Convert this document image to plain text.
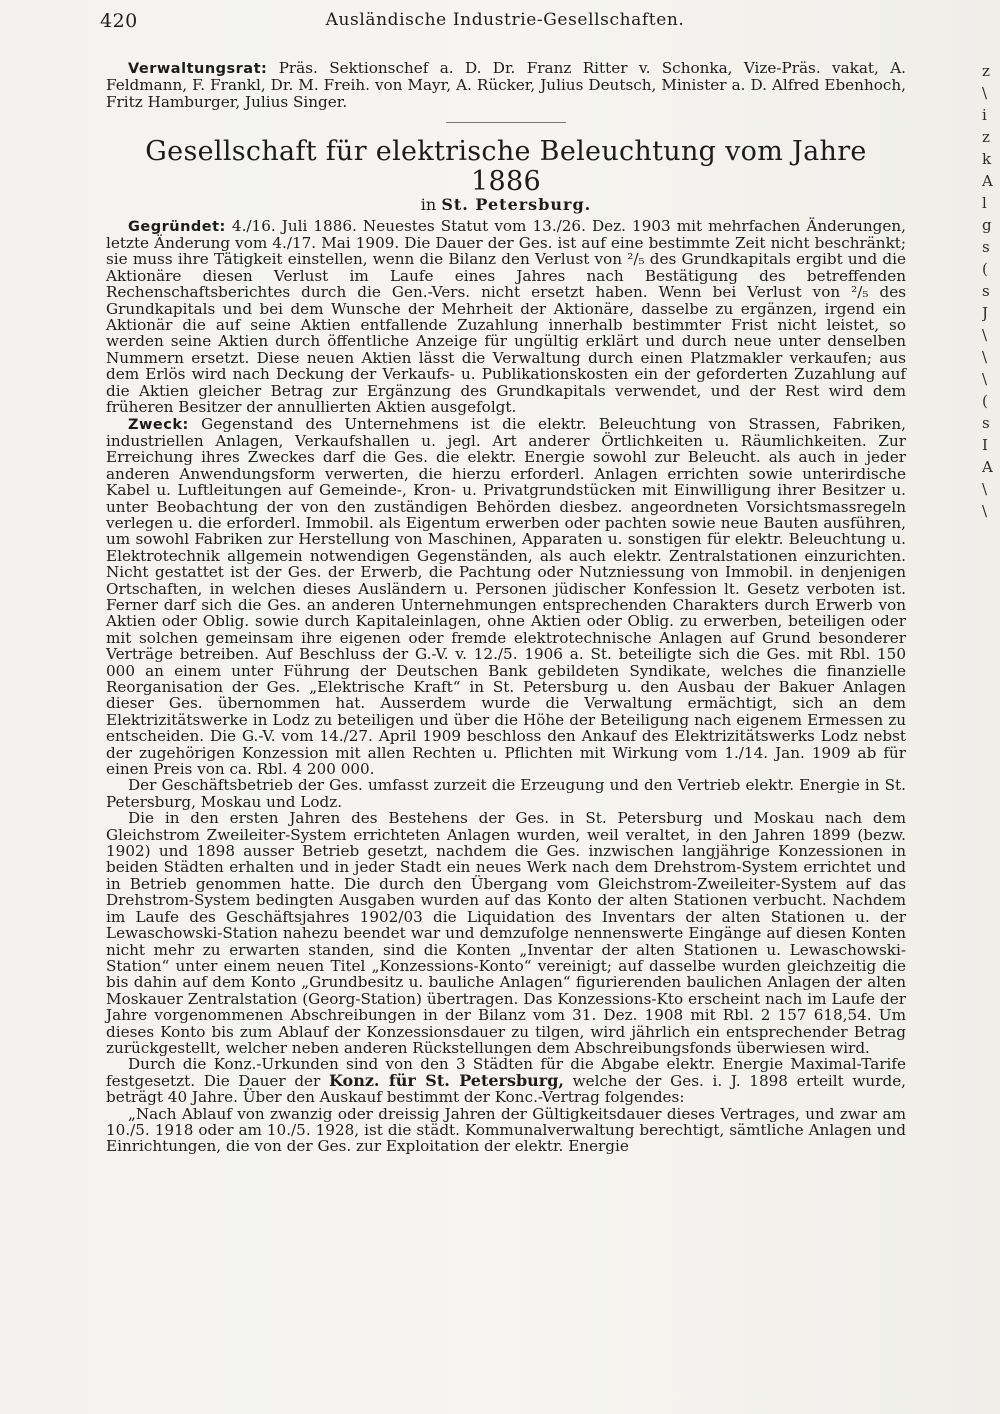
420	Ausländische Industrie-Gesellschaften.

Verwaltungsrat: Präs. Sektionschef a. D. Dr. Franz Ritter v. Schonka, Vize-Präs. vakat, A. Feldmann, F. Frankl, Dr. M. Freih. von Mayr, A. Rücker, Julius Deutsch, Minister a. D. Alfred Ebenhoch, Fritz Hamburger, Julius Singer.

Gesellschaft für elektrische Beleuchtung vom Jahre 1886

in St. Petersburg.

Gegründet: 4./16. Juli 1886. Neuestes Statut vom 13./26. Dez. 1903 mit mehrfachen Änderungen, letzte Änderung vom 4./17. Mai 1909. Die Dauer der Ges. ist auf eine bestimmte Zeit nicht beschränkt; sie muss ihre Tätigkeit einstellen, wenn die Bilanz den Verlust von ²/₅ des Grundkapitals ergibt und die Aktionäre diesen Verlust im Laufe eines Jahres nach Bestätigung des betreffenden Rechenschaftsberichtes durch die Gen.-Vers. nicht ersetzt haben. Wenn bei Verlust von ²/₅ des Grundkapitals und bei dem Wunsche der Mehrheit der Aktionäre, dasselbe zu ergänzen, irgend ein Aktionär die auf seine Aktien entfallende Zuzahlung innerhalb bestimmter Frist nicht leistet, so werden seine Aktien durch öffentliche Anzeige für ungültig erklärt und durch neue unter denselben Nummern ersetzt. Diese neuen Aktien lässt die Verwaltung durch einen Platzmakler verkaufen; aus dem Erlös wird nach Deckung der Verkaufs- u. Publikationskosten ein der geforderten Zuzahlung auf die Aktien gleicher Betrag zur Ergänzung des Grundkapitals verwendet, und der Rest wird dem früheren Besitzer der annullierten Aktien ausgefolgt.

Zweck: Gegenstand des Unternehmens ist die elektr. Beleuchtung von Strassen, Fabriken, industriellen Anlagen, Verkaufshallen u. jegl. Art anderer Örtlichkeiten u. Räumlichkeiten. Zur Erreichung ihres Zweckes darf die Ges. die elektr. Energie sowohl zur Beleucht. als auch in jeder anderen Anwendungsform verwerten, die hierzu erforderl. Anlagen errichten sowie unterirdische Kabel u. Luftleitungen auf Gemeinde-, Kron- u. Privatgrundstücken mit Einwilligung ihrer Besitzer u. unter Beobachtung der von den zuständigen Behörden diesbez. angeordneten Vorsichtsmassregeln verlegen u. die erforderl. Immobil. als Eigentum erwerben oder pachten sowie neue Bauten ausführen, um sowohl Fabriken zur Herstellung von Maschinen, Apparaten u. sonstigen für elektr. Beleuchtung u. Elektrotechnik allgemein notwendigen Gegenständen, als auch elektr. Zentralstationen einzurichten. Nicht gestattet ist der Ges. der Erwerb, die Pachtung oder Nutzniessung von Immobil. in denjenigen Ortschaften, in welchen dieses Ausländern u. Personen jüdischer Konfession lt. Gesetz verboten ist. Ferner darf sich die Ges. an anderen Unternehmungen entsprechenden Charakters durch Erwerb von Aktien oder Oblig. sowie durch Kapitaleinlagen, ohne Aktien oder Oblig. zu erwerben, beteiligen oder mit solchen gemeinsam ihre eigenen oder fremde elektrotechnische Anlagen auf Grund besonderer Verträge betreiben. Auf Beschluss der G.-V. v. 12./5. 1906 a. St. beteiligte sich die Ges. mit Rbl. 150 000 an einem unter Führung der Deutschen Bank gebildeten Syndikate, welches die finanzielle Reorganisation der Ges. „Elektrische Kraft“ in St. Petersburg u. den Ausbau der Bakuer Anlagen dieser Ges. übernommen hat. Ausserdem wurde die Verwaltung ermächtigt, sich an dem Elektrizitätswerke in Lodz zu beteiligen und über die Höhe der Beteiligung nach eigenem Ermessen zu entscheiden. Die G.-V. vom 14./27. April 1909 beschloss den Ankauf des Elektrizitätswerks Lodz nebst der zugehörigen Konzession mit allen Rechten u. Pflichten mit Wirkung vom 1./14. Jan. 1909 ab für einen Preis von ca. Rbl. 4 200 000.

Der Geschäftsbetrieb der Ges. umfasst zurzeit die Erzeugung und den Vertrieb elektr. Energie in St. Petersburg, Moskau und Lodz.

Die in den ersten Jahren des Bestehens der Ges. in St. Petersburg und Moskau nach dem Gleichstrom Zweileiter-System errichteten Anlagen wurden, weil veraltet, in den Jahren 1899 (bezw. 1902) und 1898 ausser Betrieb gesetzt, nachdem die Ges. inzwischen langjährige Konzessionen in beiden Städten erhalten und in jeder Stadt ein neues Werk nach dem Drehstrom-System errichtet und in Betrieb genommen hatte. Die durch den Übergang vom Gleichstrom-Zweileiter-System auf das Drehstrom-System bedingten Ausgaben wurden auf das Konto der alten Stationen verbucht. Nachdem im Laufe des Geschäftsjahres 1902/03 die Liquidation des Inventars der alten Stationen u. der Lewaschowski-Station nahezu beendet war und demzufolge nennenswerte Eingänge auf diesen Konten nicht mehr zu erwarten standen, sind die Konten „Inventar der alten Stationen u. Lewaschowski-Station“ unter einem neuen Titel „Konzessions-Konto“ vereinigt; auf dasselbe wurden gleichzeitig die bis dahin auf dem Konto „Grundbesitz u. bauliche Anlagen“ figurierenden baulichen Anlagen der alten Moskauer Zentralstation (Georg-Station) übertragen. Das Konzessions-Kto erscheint nach im Laufe der Jahre vorgenommenen Abschreibungen in der Bilanz vom 31. Dez. 1908 mit Rbl. 2 157 618,54. Um dieses Konto bis zum Ablauf der Konzessionsdauer zu tilgen, wird jährlich ein entsprechender Betrag zurückgestellt, welcher neben anderen Rückstellungen dem Abschreibungsfonds überwiesen wird.

Durch die Konz.-Urkunden sind von den 3 Städten für die Abgabe elektr. Energie Maximal-Tarife festgesetzt. Die Dauer der Konz. für St. Petersburg, welche der Ges. i. J. 1898 erteilt wurde, beträgt 40 Jahre. Über den Auskauf bestimmt der Konc.-Vertrag folgendes:

„Nach Ablauf von zwanzig oder dreissig Jahren der Gültigkeitsdauer dieses Vertrages, und zwar am 10./5. 1918 oder am 10./5. 1928, ist die städt. Kommunalverwaltung berechtigt, sämtliche Anlagen und Einrichtungen, die von der Ges. zur Exploitation der elektr. Energie

z
\
i
z
k
A
l
g
s
(
s
J
\
\
\
(
s
I
A
\
\
